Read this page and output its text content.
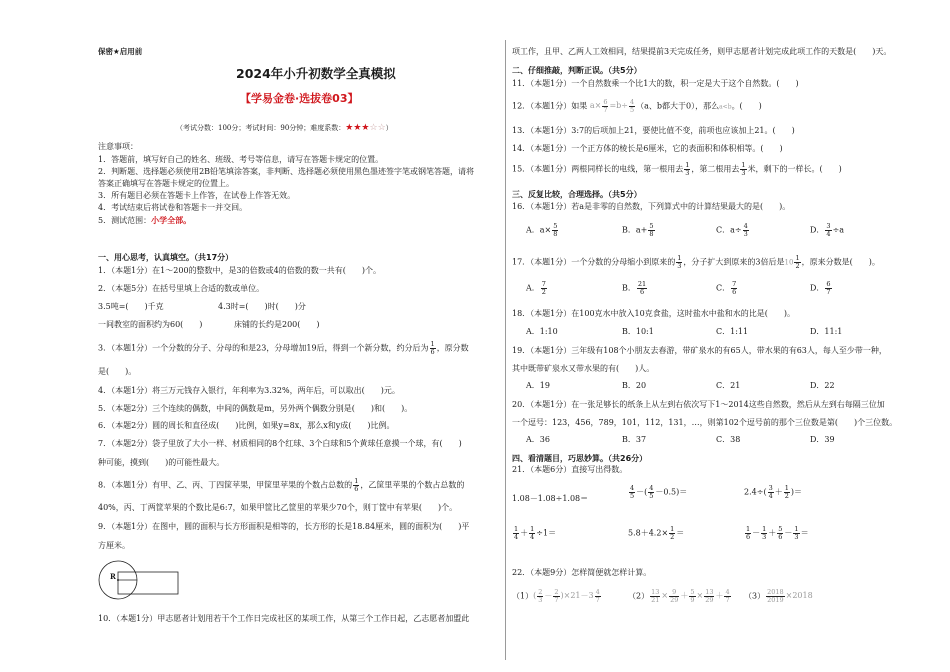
保密★启用前
2024年小升初数学全真模拟
【学易金卷·选拔卷03】
（考试分数：100分；考试时间：90分钟；难度系数：★★★☆☆）
注意事项：
1．答题前，填写好自己的姓名、班级、考号等信息，请写在答题卡规定的位置。
2．判断题、选择题必须使用2B铅笔填涂答案，非判断、选择题必须使用黑色墨迹签字笔或钢笔答题，请将
答案正确填写在答题卡规定的位置上。
3．所有题目必须在答题卡上作答，在试卷上作答无效。
4．考试结束后将试卷和答题卡一并交回。
5．测试范围：小学全部。
一、用心思考，认真填空。（共17分）
1．（本题1分）在1～200的整数中，是3的倍数或4的倍数的数一共有(　　)个。
2．（本题5分）在括号里填上合适的数或单位。
3.5吨=(　　)千克	4.3时=(　　)时(　　)分
一间教室的面积约为60(　　)	床铺的长约是200(　　)
3．（本题1分）一个分数的分子、分母的和是23，分母增加19后，得到一个新分数，约分后为 $\frac{1}{6}$ ，原分数
是(　　)。
4．（本题1分）将三万元钱存入银行，年利率为3.32%，两年后，可以取出(　　)元。
5．（本题2分）三个连续的偶数，中间的偶数是m，另外两个偶数分别是(　　)和(　　)。
6．（本题2分）圆的周长和直径成(　　)比例，如果y=8x，那么x和y成(　　)比例。
7．（本题2分）袋子里放了大小一样、材质相同的8个红球、3个白球和5个黄球任意摸一个球，有(　　)
种可能，摸到(　　)的可能性最大。
8．（本题1分）有甲、乙、丙、丁四筐苹果，甲筐里苹果的个数占总数的 $\frac{1}{6}$ ，乙筐里苹果的个数占总数的
40%，丙、丁两筐苹果的个数比是6:7，如果甲筐比乙筐里的苹果少70个，则丁筐中有苹果(　　)个。
9．（本题1分）在图中，圆的面积与长方形面积是相等的，长方形的长是18.84厘米，圆的面积为(　　)平
方厘米。
R
10．（本题1分）甲志愿者计划用若干个工作日完成社区的某项工作，从第三个工作日起，乙志愿者加盟此
项工作，且甲、乙两人工效相同，结果提前3天完成任务，则甲志愿者计划完成此项工作的天数是(　　)天。
二、仔细推敲，判断正误。（共5分）
11．（本题1分）一个自然数乘一个比1大的数，积一定是大于这个自然数。(　　)
12．（本题1分）如果 $a\times \frac{6}{7} =b\div \frac{4}{5} (a$、b都大于0），那么a<b。(　　)
13．（本题1分）3:7的后项加上21，要使比值不变，前项也应该加上21。(　　)
14．（本题1分）一个正方体的棱长是6厘米，它的表面积和体积相等。(　　)
15．（本题1分）两根同样长的电线，第一根用去 $\frac{1}{3}$ ，第二根用去 $\frac{1}{3}$ 米，剩下的一样长。(　　)
三、反复比较，合理选择。（共5分）
16．（本题1分）若a是非零的自然数，下列算式中的计算结果最大的是(　　)。
A．$a\times \frac{5}{8}$	B．$a+ \frac{5}{8}$	C．$a\div \frac{4}{3}$	D． $\frac{3}{4} \div a$
17．（本题1分）一个分数的分母缩小到原来的 $\frac{1}{3}$ ，分子扩大到原来的3倍后是$10 \frac{1}{2}$ ，原来分数是(　　)。
A． $\frac{7}{2}$	B． $\frac{21}{6}$	C． $\frac{7}{6}$	D． $\frac{6}{7}$
18．（本题1分）在100克水中放入10克食盐，这时盐水中盐和水的比是(　　)。
A．1:10	B．10:1	C．1:11	D．11:1
19．（本题1分）三年级有108个小朋友去春游，带矿泉水的有65人，带水果的有63人，每人至少带一种，
其中既带矿泉水又带水果的有(　　)人。
A．19	B．20	C．21	D．22
20．（本题1分）在一张足够长的纸条上从左到右依次写下1～2014这些自然数，然后从左到右每隔三位加
一个逗号：123，456，789，101，112，131，…，则第102个逗号前的那个三位数是第(　　)个三位数。
A．36	B．37	C．38	D．39
四、看清题目，巧思妙算。（共26分）
21．（本题6分）直接写出得数。
1.08－1.08÷1.08＝	$\frac{4}{5}$ －( $\frac{4}{5} -0.5)=$	$2.4\div( \frac{3}{4} + \frac{1}{2}$ )＝
$\frac{1}{4} + \frac{1}{4} \div 1=$	$5.8+4.2\times \frac{1}{2}$ ＝	$\frac{1}{6} - \frac{1}{3} + \frac{5}{6} - \frac{1}{3}$ ＝
22．（本题9分）怎样简便就怎样计算。
$(1)( \frac{2}{3} - \frac{2}{7} )\times 21-3 \frac{4}{7}$	$(2) \frac{13}{21} \times \frac{9}{29} + \frac{5}{9} \times \frac{13}{29} + \frac{4}{7} (3) \frac{2018}{2019} \times 2018$
